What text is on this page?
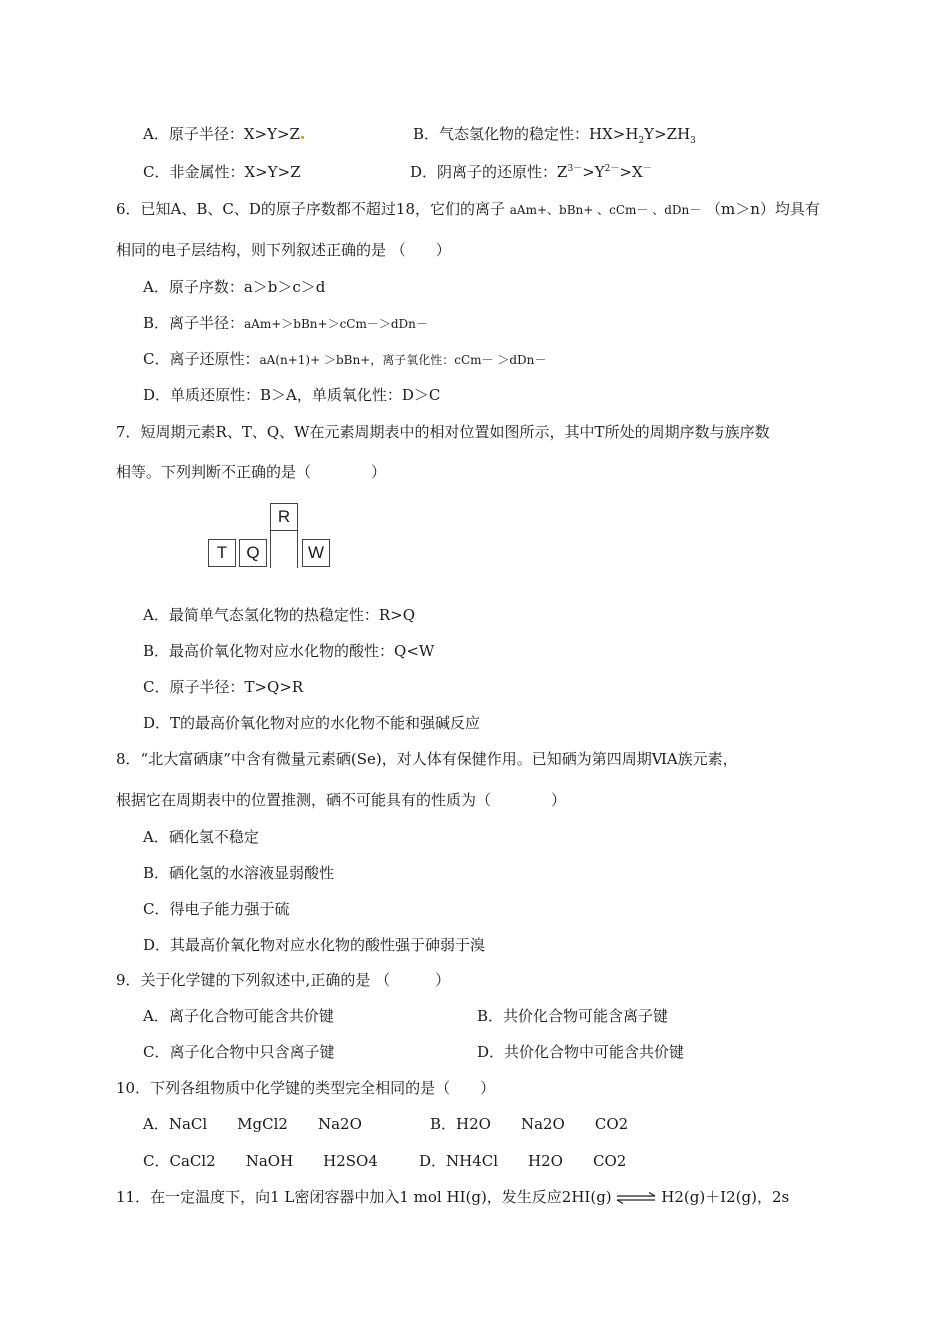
A．原子半径：X>Y>Z	B．气态氢化物的稳定性：$HX>H_2Y>ZH_3$
C．非金属性：X>Y>Z	D．阴离子的还原性：$Z^{3-}>Y^{2-}>X^-$
6．已知A、B、C、D的原子序数都不超过18，它们的离子 aAm+、bBn+ 、cCm－ 、dDn－ （m＞n）均具有
相同的电子层结构，则下列叙述正确的是 （　　）
A．原子序数：a＞b＞c＞d
B．离子半径：aAm+＞bBn+＞cCm－＞dDn－
C．离子还原性：aA(n+1)+ ＞bBn+，离子氧化性：cCm－ ＞dDn－
D．单质还原性：B＞A，单质氧化性：D＞C
7．短周期元素R、T、Q、W在元素周期表中的相对位置如图所示，其中T所处的周期序数与族序数
相等。下列判断不正确的是（　　　　）
R
T	Q	W
A．最简单气态氢化物的热稳定性：R>Q
B．最高价氧化物对应水化物的酸性：Q<W
C．原子半径：T>Q>R
D．T的最高价氧化物对应的水化物不能和强碱反应
8．“北大富硒康”中含有微量元素硒(Se)，对人体有保健作用。已知硒为第四周期ⅥA族元素，
根据它在周期表中的位置推测，硒不可能具有的性质为（　　　　）
A．硒化氢不稳定
B．硒化氢的水溶液显弱酸性
C．得电子能力强于硫
D．其最高价氧化物对应水化物的酸性强于砷弱于溴
9．关于化学键的下列叙述中,正确的是 （　　　）
A．离子化合物可能含共价键	B．共价化合物可能含离子键
C．离子化合物中只含离子键	D．共价化合物中可能含共价键
10．下列各组物质中化学键的类型完全相同的是（　　）
A．NaCl　　MgCl2　　Na2O	B．H2O　　Na2O　　CO2
C．CaCl2　　NaOH　　H2SO4	D．NH4Cl　　H2O　　CO2
11．在一定温度下，向1 L密闭容器中加入1 mol HI(g)，发生反应2HI(g) ⇌ H2(g)＋I2(g)，2s
